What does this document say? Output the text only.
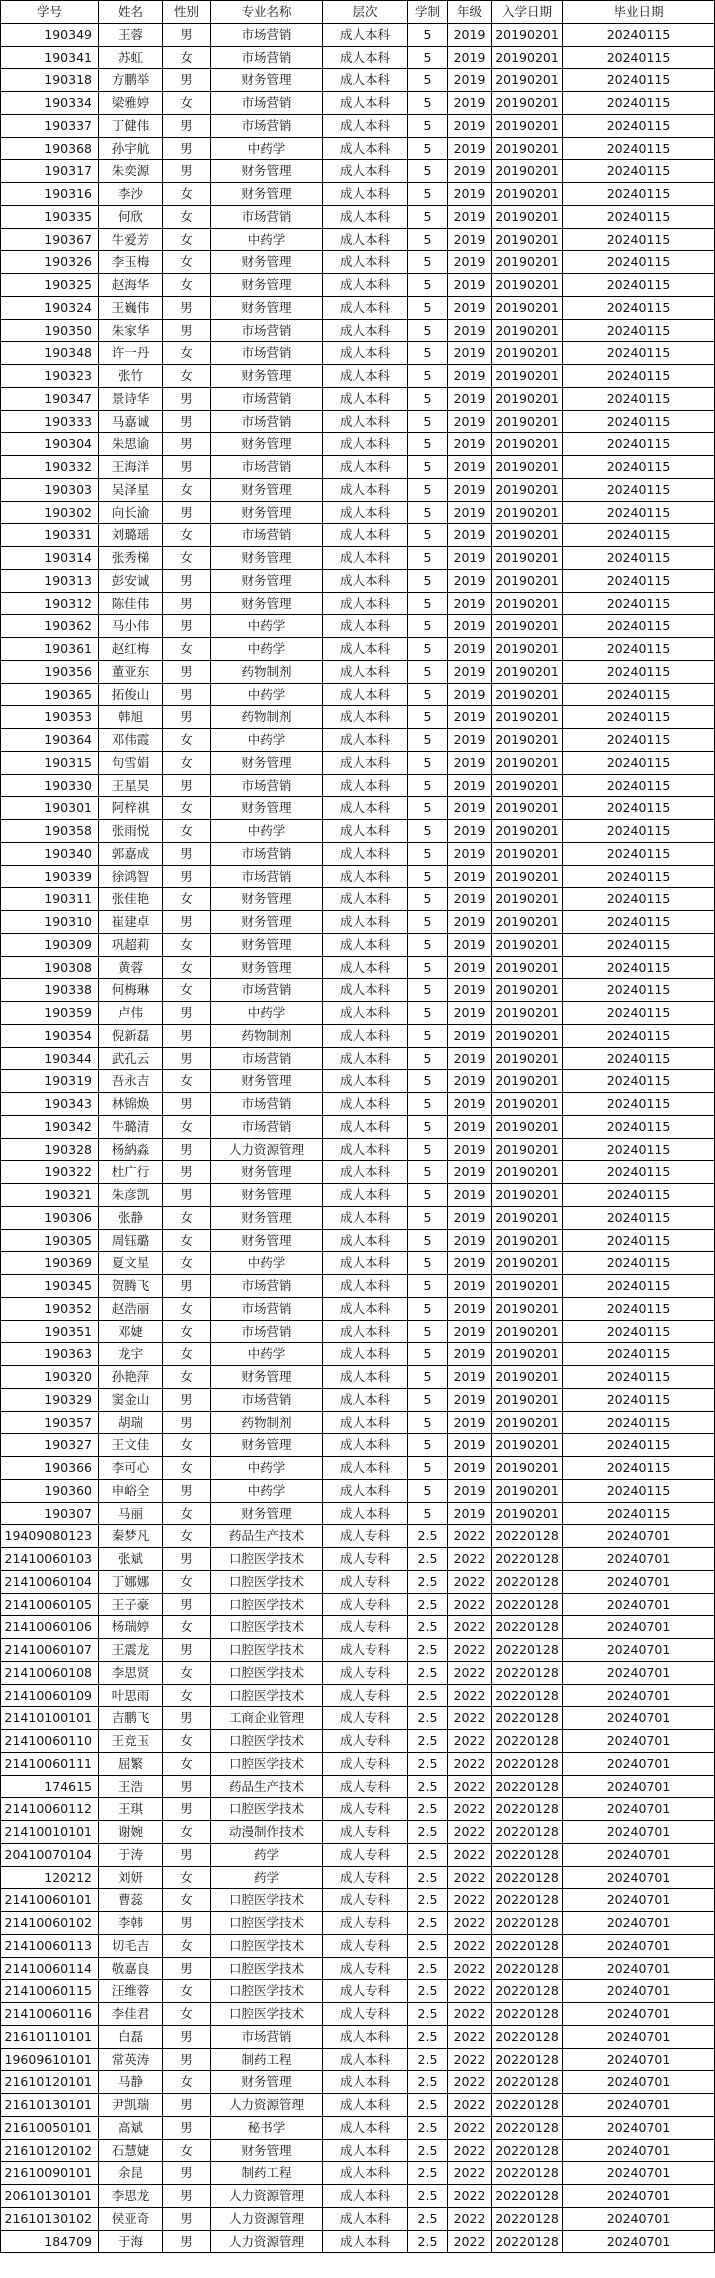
学号	姓名	性别	专业名称	层次	学制	年级	入学日期	毕业日期
190349	王蓉	男	市场营销	成人本科	5	2019	20190201	20240115
190341	苏虹	女	市场营销	成人本科	5	2019	20190201	20240115
190318	方鹏举	男	财务管理	成人本科	5	2019	20190201	20240115
190334	梁雅婷	女	市场营销	成人本科	5	2019	20190201	20240115
190337	丁健伟	男	市场营销	成人本科	5	2019	20190201	20240115
190368	孙宇航	男	中药学	成人本科	5	2019	20190201	20240115
190317	朱奕源	男	财务管理	成人本科	5	2019	20190201	20240115
190316	李沙	女	财务管理	成人本科	5	2019	20190201	20240115
190335	何欣	女	市场营销	成人本科	5	2019	20190201	20240115
190367	牛爱芳	女	中药学	成人本科	5	2019	20190201	20240115
190326	李玉梅	女	财务管理	成人本科	5	2019	20190201	20240115
190325	赵海华	女	财务管理	成人本科	5	2019	20190201	20240115
190324	王巍伟	男	财务管理	成人本科	5	2019	20190201	20240115
190350	朱家华	男	市场营销	成人本科	5	2019	20190201	20240115
190348	许一丹	女	市场营销	成人本科	5	2019	20190201	20240115
190323	张竹	女	财务管理	成人本科	5	2019	20190201	20240115
190347	景诗华	男	市场营销	成人本科	5	2019	20190201	20240115
190333	马嘉诚	男	市场营销	成人本科	5	2019	20190201	20240115
190304	朱思谕	男	财务管理	成人本科	5	2019	20190201	20240115
190332	王海洋	男	市场营销	成人本科	5	2019	20190201	20240115
190303	吴泽星	女	财务管理	成人本科	5	2019	20190201	20240115
190302	向长渝	男	财务管理	成人本科	5	2019	20190201	20240115
190331	刘璐瑶	女	市场营销	成人本科	5	2019	20190201	20240115
190314	张秀梯	女	财务管理	成人本科	5	2019	20190201	20240115
190313	彭安诚	男	财务管理	成人本科	5	2019	20190201	20240115
190312	陈佳伟	男	财务管理	成人本科	5	2019	20190201	20240115
190362	马小伟	男	中药学	成人本科	5	2019	20190201	20240115
190361	赵红梅	女	中药学	成人本科	5	2019	20190201	20240115
190356	董亚东	男	药物制剂	成人本科	5	2019	20190201	20240115
190365	拓俊山	男	中药学	成人本科	5	2019	20190201	20240115
190353	韩旭	男	药物制剂	成人本科	5	2019	20190201	20240115
190364	邓伟霞	女	中药学	成人本科	5	2019	20190201	20240115
190315	句雪娟	女	财务管理	成人本科	5	2019	20190201	20240115
190330	王星昊	男	市场营销	成人本科	5	2019	20190201	20240115
190301	阿梓祺	女	财务管理	成人本科	5	2019	20190201	20240115
190358	张雨悦	女	中药学	成人本科	5	2019	20190201	20240115
190340	郭嘉成	男	市场营销	成人本科	5	2019	20190201	20240115
190339	徐鸿智	男	市场营销	成人本科	5	2019	20190201	20240115
190311	张佳艳	女	财务管理	成人本科	5	2019	20190201	20240115
190310	崔建卓	男	财务管理	成人本科	5	2019	20190201	20240115
190309	巩超莉	女	财务管理	成人本科	5	2019	20190201	20240115
190308	黄蓉	女	财务管理	成人本科	5	2019	20190201	20240115
190338	何梅琳	女	市场营销	成人本科	5	2019	20190201	20240115
190359	卢伟	男	中药学	成人本科	5	2019	20190201	20240115
190354	倪新磊	男	药物制剂	成人本科	5	2019	20190201	20240115
190344	武孔云	男	市场营销	成人本科	5	2019	20190201	20240115
190319	吾永吉	女	财务管理	成人本科	5	2019	20190201	20240115
190343	林锦焕	男	市场营销	成人本科	5	2019	20190201	20240115
190342	牛璐清	女	市场营销	成人本科	5	2019	20190201	20240115
190328	杨納淼	男	人力资源管理	成人本科	5	2019	20190201	20240115
190322	杜广行	男	财务管理	成人本科	5	2019	20190201	20240115
190321	朱彦凯	男	财务管理	成人本科	5	2019	20190201	20240115
190306	张静	女	财务管理	成人本科	5	2019	20190201	20240115
190305	周钰璐	女	财务管理	成人本科	5	2019	20190201	20240115
190369	夏文星	女	中药学	成人本科	5	2019	20190201	20240115
190345	贺腾飞	男	市场营销	成人本科	5	2019	20190201	20240115
190352	赵浩丽	女	市场营销	成人本科	5	2019	20190201	20240115
190351	邓婕	女	市场营销	成人本科	5	2019	20190201	20240115
190363	龙宇	女	中药学	成人本科	5	2019	20190201	20240115
190320	孙艳萍	女	财务管理	成人本科	5	2019	20190201	20240115
190329	窦金山	男	市场营销	成人本科	5	2019	20190201	20240115
190357	胡瑞	男	药物制剂	成人本科	5	2019	20190201	20240115
190327	王文佳	女	财务管理	成人本科	5	2019	20190201	20240115
190366	李可心	女	中药学	成人本科	5	2019	20190201	20240115
190360	申峪全	男	中药学	成人本科	5	2019	20190201	20240115
190307	马丽	女	财务管理	成人本科	5	2019	20190201	20240115
19409080123	秦梦凡	女	药品生产技术	成人专科	2.5	2022	20220128	20240701
21410060103	张斌	男	口腔医学技术	成人专科	2.5	2022	20220128	20240701
21410060104	丁娜娜	女	口腔医学技术	成人专科	2.5	2022	20220128	20240701
21410060105	王子豪	男	口腔医学技术	成人专科	2.5	2022	20220128	20240701
21410060106	杨瑞婷	女	口腔医学技术	成人专科	2.5	2022	20220128	20240701
21410060107	王震龙	男	口腔医学技术	成人专科	2.5	2022	20220128	20240701
21410060108	李思贤	女	口腔医学技术	成人专科	2.5	2022	20220128	20240701
21410060109	叶思雨	女	口腔医学技术	成人专科	2.5	2022	20220128	20240701
21410100101	吉鹏飞	男	工商企业管理	成人专科	2.5	2022	20220128	20240701
21410060110	王竞玉	女	口腔医学技术	成人专科	2.5	2022	20220128	20240701
21410060111	屈繁	女	口腔医学技术	成人专科	2.5	2022	20220128	20240701
174615	王浩	男	药品生产技术	成人专科	2.5	2022	20220128	20240701
21410060112	王琪	男	口腔医学技术	成人专科	2.5	2022	20220128	20240701
21410010101	谢婉	女	动漫制作技术	成人专科	2.5	2022	20220128	20240701
20410070104	于涛	男	药学	成人专科	2.5	2022	20220128	20240701
120212	刘妍	女	药学	成人专科	2.5	2022	20220128	20240701
21410060101	曹蕊	女	口腔医学技术	成人专科	2.5	2022	20220128	20240701
21410060102	李韩	男	口腔医学技术	成人专科	2.5	2022	20220128	20240701
21410060113	切毛吉	女	口腔医学技术	成人专科	2.5	2022	20220128	20240701
21410060114	敬嘉良	男	口腔医学技术	成人专科	2.5	2022	20220128	20240701
21410060115	汪维蓉	女	口腔医学技术	成人专科	2.5	2022	20220128	20240701
21410060116	李佳君	女	口腔医学技术	成人专科	2.5	2022	20220128	20240701
21610110101	白磊	男	市场营销	成人本科	2.5	2022	20220128	20240701
19609610101	常英涛	男	制药工程	成人本科	2.5	2022	20220128	20240701
21610120101	马静	女	财务管理	成人本科	2.5	2022	20220128	20240701
21610130101	尹凯瑞	男	人力资源管理	成人本科	2.5	2022	20220128	20240701
21610050101	高斌	男	秘书学	成人本科	2.5	2022	20220128	20240701
21610120102	石慧婕	女	财务管理	成人本科	2.5	2022	20220128	20240701
21610090101	余昆	男	制药工程	成人本科	2.5	2022	20220128	20240701
20610130101	李思龙	男	人力资源管理	成人本科	2.5	2022	20220128	20240701
21610130102	侯亚奇	男	人力资源管理	成人本科	2.5	2022	20220128	20240701
184709	于海	男	人力资源管理	成人本科	2.5	2022	20220128	20240701
